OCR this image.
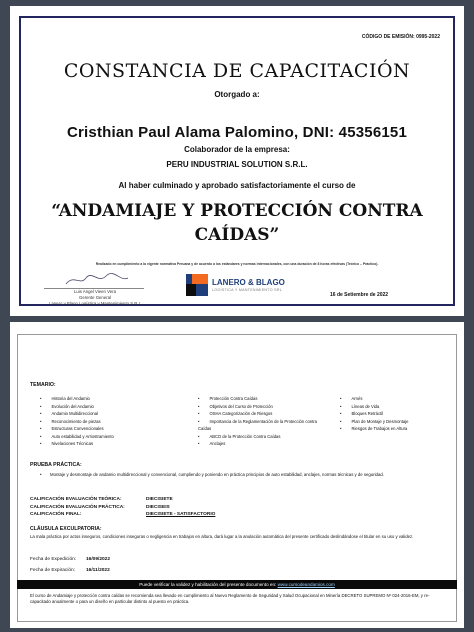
CÓDIGO DE EMISIÓN: 0995-2022
CONSTANCIA DE CAPACITACIÓN
Otorgado a:
Cristhian Paul Alama Palomino, DNI: 45356151
Colaborador de la empresa:
PERU INDUSTRIAL SOLUTION S.R.L.
Al haber culminado y aprobado satisfactoriamente el curso de
“ANDAMIAJE Y PROTECCIÓN CONTRA CAÍDAS”
Realizado en cumplimiento a la vigente normativa Peruana y de acuerdo a los estándares y normas internacionales, con una duración de 8 horas efectivas (Teórico – Práctico).
Luis Angel Vieen Vera
Gerente General
Lanero y Blago Logística y Mantenimiento S.R.L
LANERO & BLAGO
LOGÍSTICA Y MANTENIMIENTO SRL
16 de Setiembre de 2022
TEMARIO:
• Historia del Andamio
• Evolución del Andamio
• Andamio Multidireccional
• Reconocimiento de piezas
• Estructuras Convencionales
• Auto estabilidad y Arriostramiento
• Nivelaciones Técnicas
• Protección Contra Caídas
• Objetivos del Curso de Protección
• OSHA Categorización de Riesgos
• Importancia de la Reglamentación de la Protección contra Caídas
• ABCD de la Protección Contra Caídas
• Anclajes
• Arnés
• Líneas de Vida
• Bloques Retráctil
• Plan de Montaje y Desmontaje
• Riesgos de Trabajos en Altura
PRUEBA PRÁCTICA:
• Montaje y desmontaje de andamio multidireccional y convencional, cumpliendo y poniendo en práctica principios de auto estabilidad, anclajes, normas técnicas y de seguridad.
CALIFICACIÓN EVALUACIÓN TEÓRICA:	DIECISIETE
CALIFICACIÓN EVALUACIÓN PRÁCTICA:	DIECISEIS
CALIFICACIÓN FINAL:	DIECISIETE - SATISFACTORIO
CLÁUSULA EXCULPATORIA:
La mala práctica por actos inseguros, condiciones inseguras o negligencia en trabajos en altura, dará lugar a la anulación automática del presente certificado deslindándose el titular en su uso y validez.
Fecha de Expedición: 16/09/2022
Fecha de Expiración: 16/11/2022
Puede verificar la validez y habilitación del presente documento en: www.cursodeandamios.com
El curso de Andamiaje y protección contra caídas se recomienda sea llevado en cumplimiento al Nuevo Reglamento de Seguridad y Salud Ocupacional en Minería DECRETO SUPREMO Nº 024-2016-EM, y re-capacitado anualmente o para un diseño en particular distinto al puesto en práctica.
